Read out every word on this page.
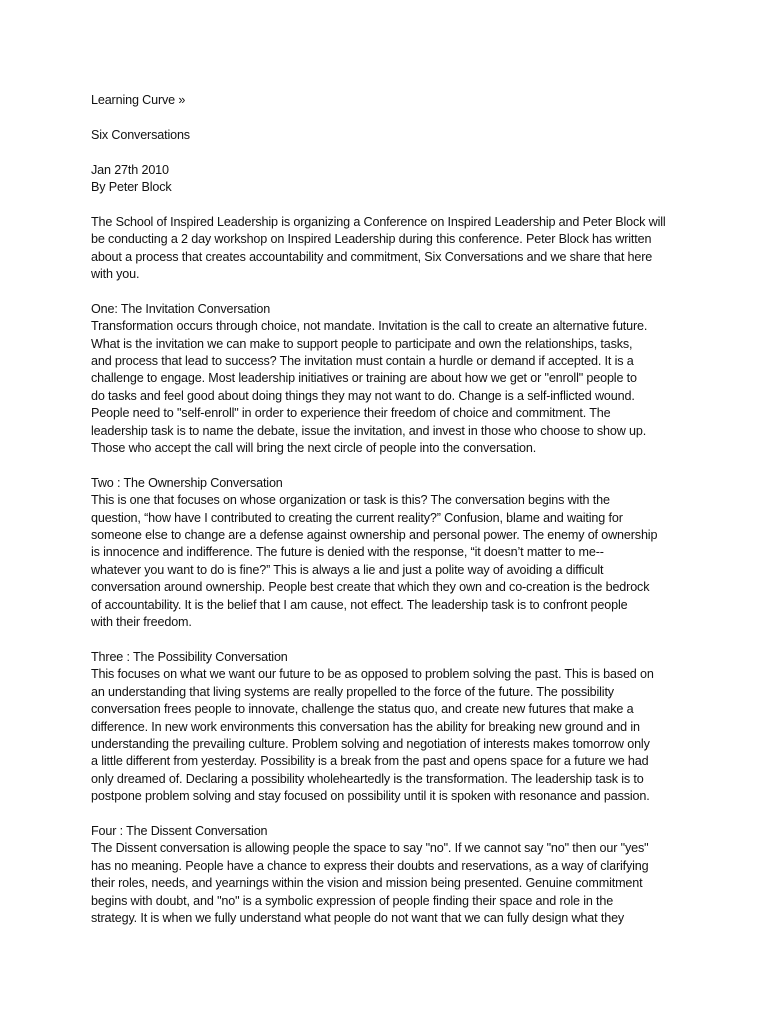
Learning Curve »
Six Conversations
Jan 27th 2010
By Peter Block
The School of Inspired Leadership is organizing a Conference on Inspired Leadership and Peter Block will
be conducting a 2 day workshop on Inspired Leadership during this conference. Peter Block has written
about a process that creates accountability and commitment, Six Conversations and we share that here
with you.
One: The Invitation Conversation
Transformation occurs through choice, not mandate. Invitation is the call to create an alternative future.
What is the invitation we can make to support people to participate and own the relationships, tasks,
and process that lead to success? The invitation must contain a hurdle or demand if accepted. It is a
challenge to engage. Most leadership initiatives or training are about how we get or "enroll" people to
do tasks and feel good about doing things they may not want to do. Change is a self-inflicted wound.
People need to "self-enroll" in order to experience their freedom of choice and commitment. The
leadership task is to name the debate, issue the invitation, and invest in those who choose to show up.
Those who accept the call will bring the next circle of people into the conversation.
Two : The Ownership Conversation
This is one that focuses on whose organization or task is this? The conversation begins with the
question, “how have I contributed to creating the current reality?” Confusion, blame and waiting for
someone else to change are a defense against ownership and personal power. The enemy of ownership
is innocence and indifference. The future is denied with the response, “it doesn’t matter to me--
whatever you want to do is fine?” This is always a lie and just a polite way of avoiding a difficult
conversation around ownership. People best create that which they own and co-creation is the bedrock
of accountability. It is the belief that I am cause, not effect. The leadership task is to confront people
with their freedom.
Three : The Possibility Conversation
This focuses on what we want our future to be as opposed to problem solving the past. This is based on
an understanding that living systems are really propelled to the force of the future. The possibility
conversation frees people to innovate, challenge the status quo, and create new futures that make a
difference. In new work environments this conversation has the ability for breaking new ground and in
understanding the prevailing culture. Problem solving and negotiation of interests makes tomorrow only
a little different from yesterday. Possibility is a break from the past and opens space for a future we had
only dreamed of. Declaring a possibility wholeheartedly is the transformation. The leadership task is to
postpone problem solving and stay focused on possibility until it is spoken with resonance and passion.
Four : The Dissent Conversation
The Dissent conversation is allowing people the space to say "no". If we cannot say "no" then our "yes"
has no meaning. People have a chance to express their doubts and reservations, as a way of clarifying
their roles, needs, and yearnings within the vision and mission being presented. Genuine commitment
begins with doubt, and "no" is a symbolic expression of people finding their space and role in the
strategy. It is when we fully understand what people do not want that we can fully design what they
